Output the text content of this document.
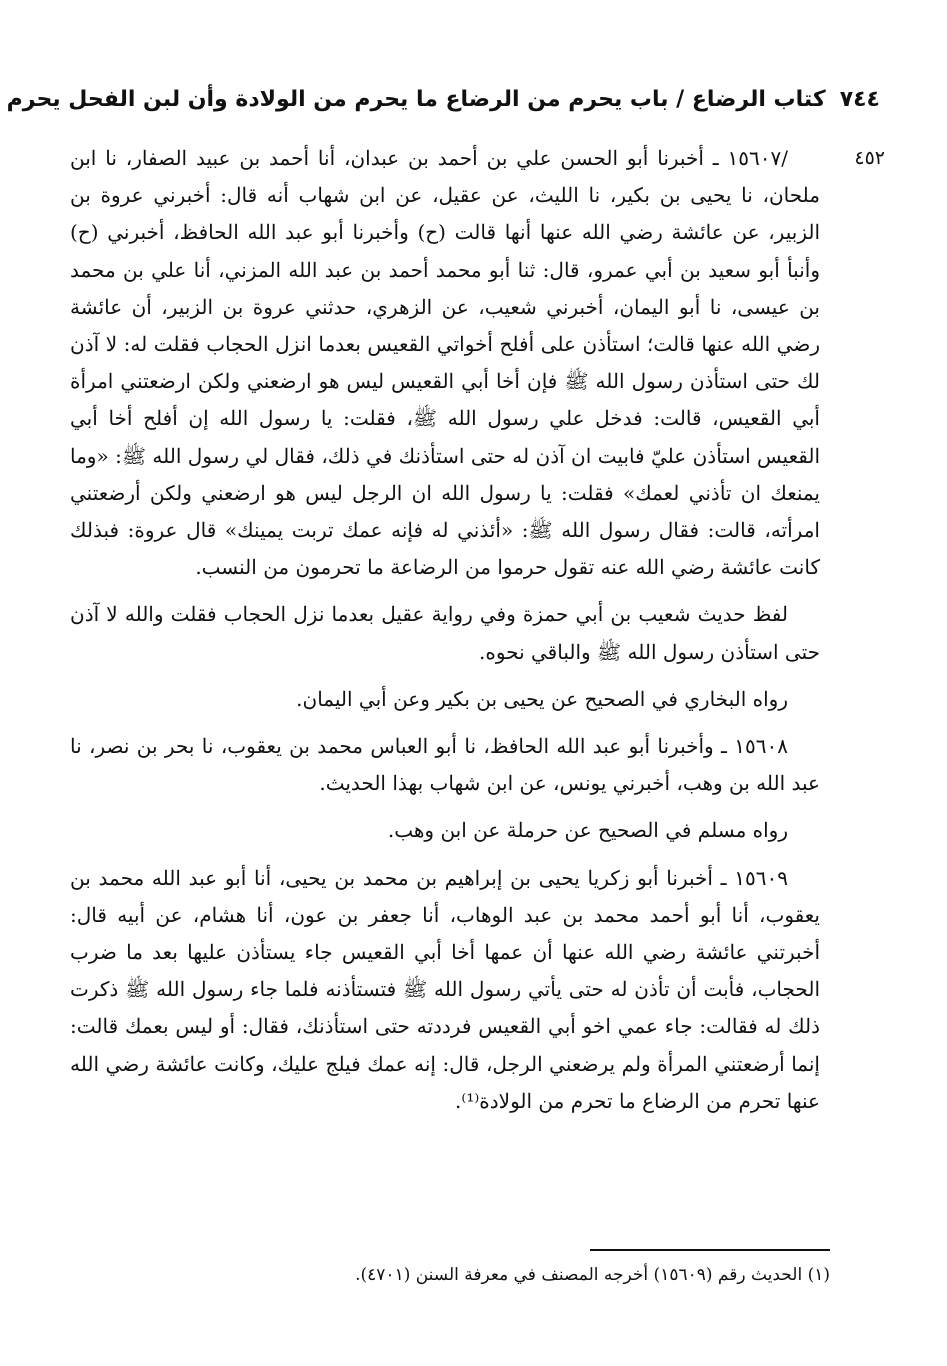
٧٤٤
كتاب الرضاع / باب يحرم من الرضاع ما يحرم من الولادة وأن لبن الفحل يحرم
٤٥٢

/١٥٦٠٧ ـ أخبرنا أبو الحسن علي بن أحمد بن عبدان، أنا أحمد بن عبيد الصفار، نا ابن ملحان، نا يحيى بن بكير، نا الليث، عن عقيل، عن ابن شهاب أنه قال: أخبرني عروة بن الزبير، عن عائشة رضي الله عنها أنها قالت (ح) وأخبرنا أبو عبد الله الحافظ، أخبرني (ح) وأنبأ أبو سعيد بن أبي عمرو، قال: ثنا أبو محمد أحمد بن عبد الله المزني، أنا علي بن محمد بن عيسى، نا أبو اليمان، أخبرني شعيب، عن الزهري، حدثني عروة بن الزبير، أن عائشة رضي الله عنها قالت؛ استأذن على أفلح أخواتي القعيس بعدما انزل الحجاب فقلت له: لا آذن لك حتى استأذن رسول الله ﷺ فإن أخا أبي القعيس ليس هو ارضعني ولكن ارضعتني امرأة أبي القعيس، قالت: فدخل علي رسول الله ﷺ، فقلت: يا رسول الله إن أفلح أخا أبي القعيس استأذن عليّ فابيت ان آذن له حتى استأذنك في ذلك، فقال لي رسول الله ﷺ: «وما يمنعك ان تأذني لعمك» فقلت: يا رسول الله ان الرجل ليس هو ارضعني ولكن أرضعتني امرأته، قالت: فقال رسول الله ﷺ: «أئذني له فإنه عمك تربت يمينك» قال عروة: فبذلك كانت عائشة رضي الله عنه تقول حرموا من الرضاعة ما تحرمون من النسب.

لفظ حديث شعيب بن أبي حمزة وفي رواية عقيل بعدما نزل الحجاب فقلت والله لا آذن حتى استأذن رسول الله ﷺ والباقي نحوه.

رواه البخاري في الصحيح عن يحيى بن بكير وعن أبي اليمان.

١٥٦٠٨ ـ وأخبرنا أبو عبد الله الحافظ، نا أبو العباس محمد بن يعقوب، نا بحر بن نصر، نا عبد الله بن وهب، أخبرني يونس، عن ابن شهاب بهذا الحديث.

رواه مسلم في الصحيح عن حرملة عن ابن وهب.

١٥٦٠٩ ـ أخبرنا أبو زكريا يحيى بن إبراهيم بن محمد بن يحيى، أنا أبو عبد الله محمد بن يعقوب، أنا أبو أحمد محمد بن عبد الوهاب، أنا جعفر بن عون، أنا هشام، عن أبيه قال: أخبرتني عائشة رضي الله عنها أن عمها أخا أبي القعيس جاء يستأذن عليها بعد ما ضرب الحجاب، فأبت أن تأذن له حتى يأتي رسول الله ﷺ فتستأذنه فلما جاء رسول الله ﷺ ذكرت ذلك له فقالت: جاء عمي اخو أبي القعيس فرددته حتى استأذنك، فقال: أو ليس بعمك قالت: إنما أرضعتني المرأة ولم يرضعني الرجل، قال: إنه عمك فيلج عليك، وكانت عائشة رضي الله عنها تحرم من الرضاع ما تحرم من الولادة⁽¹⁾.

(١) الحديث رقم (١٥٦٠٩) أخرجه المصنف في معرفة السنن (٤٧٠١).
